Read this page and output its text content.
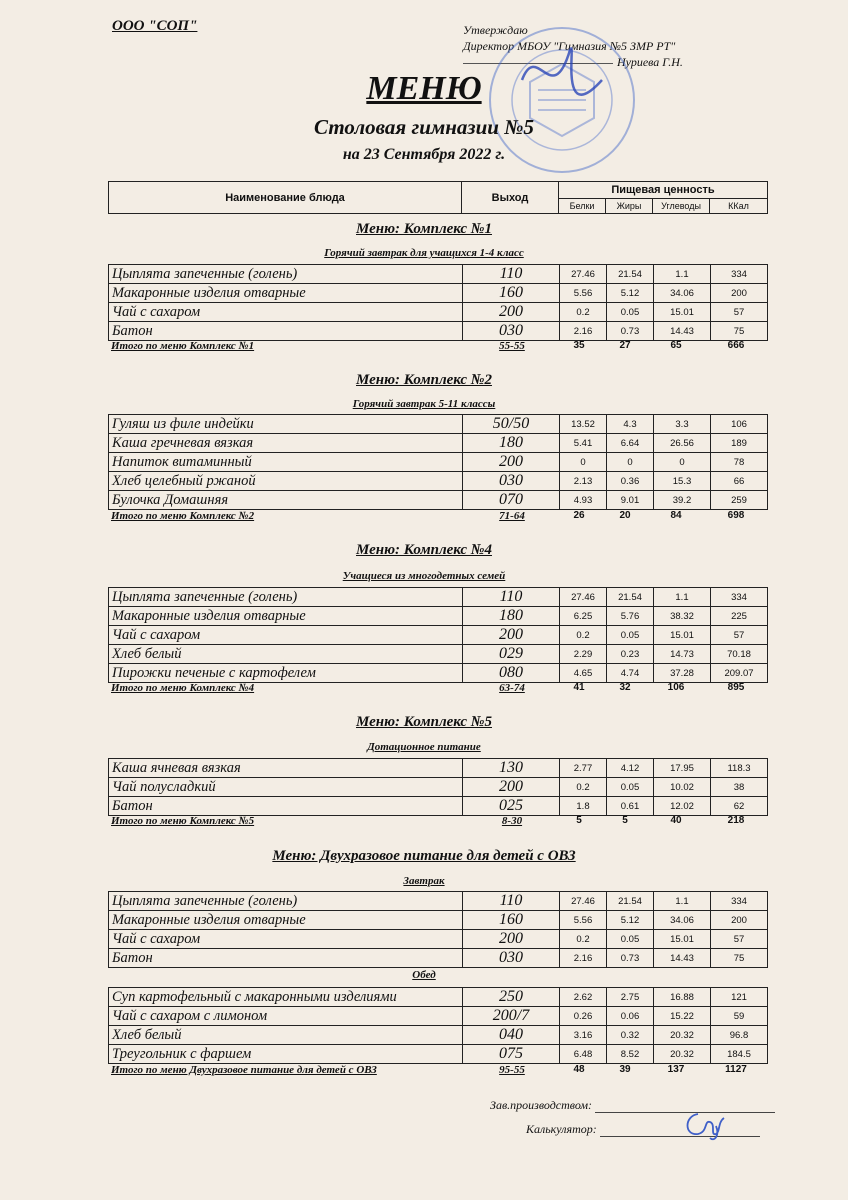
ООО "СОП"	Утверждаю
Директор МБОУ "Гимназия №5 ЗМР РТ"
Нуриева Г.Н.
МЕНЮ
Столовая гимназии №5
на 23 Сентября 2022 г.
Наименование блюда	Выход	Пищевая ценность			
		Белки	Жиры	Углеводы	ККал
Меню: Комплекс №1
Горячий завтрак для учащихся 1-4 класс
Цыплята запеченные (голень)	110	27.46	21.54	1.1	334
Макаронные изделия отварные	160	5.56	5.12	34.06	200
Чай с сахаром	200	0.2	0.05	15.01	57
Батон	030	2.16	0.73	14.43	75
Итого по меню Комплекс №1	55-55	35	27	65	666
Меню: Комплекс №2
Горячий завтрак 5-11 классы
Гуляш из филе индейки	50/50	13.52	4.3	3.3	106
Каша гречневая вязкая	180	5.41	6.64	26.56	189
Напиток витаминный	200	0	0	0	78
Хлеб целебный ржаной	030	2.13	0.36	15.3	66
Булочка Домашняя	070	4.93	9.01	39.2	259
Итого по меню Комплекс №2	71-64	26	20	84	698
Меню: Комплекс №4
Учащиеся из многодетных семей
Цыплята запеченные (голень)	110	27.46	21.54	1.1	334
Макаронные изделия отварные	180	6.25	5.76	38.32	225
Чай с сахаром	200	0.2	0.05	15.01	57
Хлеб белый	029	2.29	0.23	14.73	70.18
Пирожки печеные с картофелем	080	4.65	4.74	37.28	209.07
Итого по меню Комплекс №4	63-74	41	32	106	895
Меню: Комплекс №5
Дотационное питание
Каша ячневая вязкая	130	2.77	4.12	17.95	118.3
Чай полусладкий	200	0.2	0.05	10.02	38
Батон	025	1.8	0.61	12.02	62
Итого по меню Комплекс №5	8-30	5	5	40	218
Меню: Двухразовое питание для детей с ОВЗ
Завтрак
Цыплята запеченные (голень)	110	27.46	21.54	1.1	334
Макаронные изделия отварные	160	5.56	5.12	34.06	200
Чай с сахаром	200	0.2	0.05	15.01	57
Батон	030	2.16	0.73	14.43	75
Обед
Суп картофельный с макаронными изделиями	250	2.62	2.75	16.88	121
Чай с сахаром с лимоном	200/7	0.26	0.06	15.22	59
Хлеб белый	040	3.16	0.32	20.32	96.8
Треугольник с фаршем	075	6.48	8.52	20.32	184.5
Итого по меню Двухразовое питание для детей с ОВЗ	95-55	48	39	137	1127
Зав.производством:
Калькулятор:
